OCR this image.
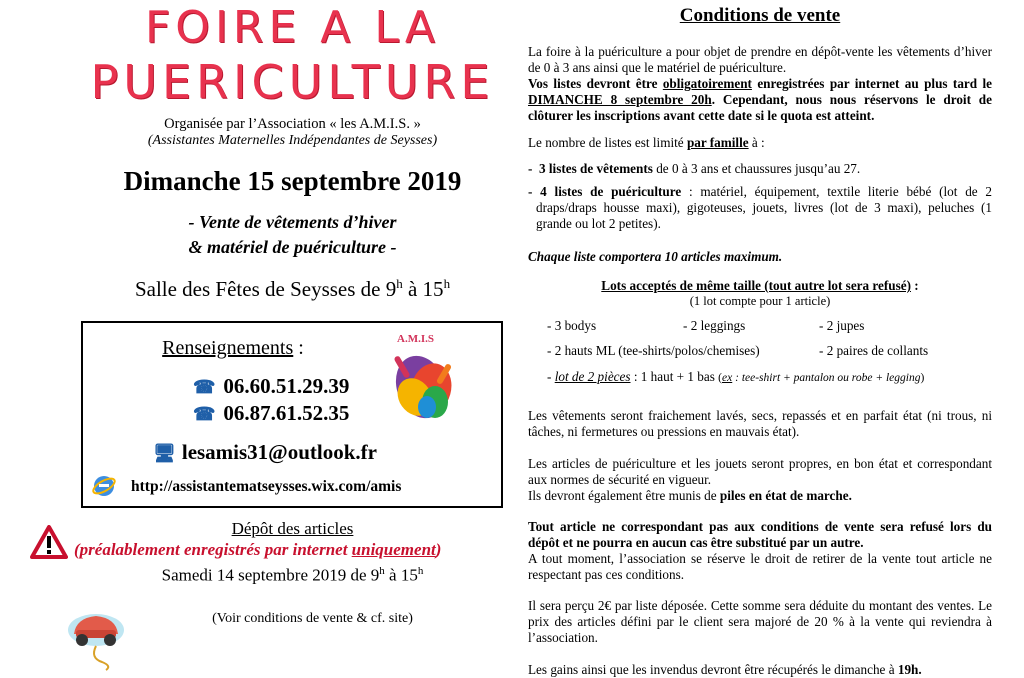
FOIRE A LA
PUERICULTURE
Organisée par l’Association « les A.M.I.S. »
(Assistantes Maternelles Indépendantes de Seysses)
Dimanche 15 septembre 2019
- Vente de vêtements d’hiver
& matériel de puériculture -
Salle des Fêtes de Seysses de 9$^h$ à 15$^h$
Renseignements :
☎ 06.60.51.29.39
☎ 06.87.61.52.35
🖥 lesamis31@outlook.fr
http://assistantematseysses.wix.com/amis
A.M.I.S
Dépôt des articles
(préalablement enregistrés par internet uniquement)
Samedi 14 septembre 2019 de 9$^h$ à 15$^h$
(Voir conditions de vente & cf. site)
Conditions de vente

La foire à la puériculture a pour objet de prendre en dépôt-vente les vêtements d’hiver de 0 à 3 ans ainsi que le matériel de puériculture.

Vos listes devront être obligatoirement enregistrées par internet au plus tard le DIMANCHE 8 septembre 20h. Cependant, nous nous réservons le droit de clôturer les inscriptions avant cette date si le quota est atteint.

Le nombre de listes est limité par famille à :

-  3 listes de vêtements de 0 à 3 ans et chaussures jusqu’au 27.

- 4 listes de puériculture : matériel, équipement, textile literie bébé (lot de 2 draps/draps housse maxi), gigoteuses, jouets, livres (lot de 3 maxi), peluches (1 grande ou lot 2 petites).

Chaque liste comportera 10 articles maximum.

Lots acceptés de même taille (tout autre lot sera refusé) :
(1 lot compte pour 1 article)
- 3 bodys	- 2 leggings	- 2 jupes
- 2 hauts ML (tee-shirts/polos/chemises)	- 2 paires de collants
- lot de 2 pièces : 1 haut + 1 bas (ex : tee-shirt + pantalon ou robe + legging)

Les vêtements seront fraichement lavés, secs, repassés et en parfait état (ni trous, ni tâches, ni fermetures ou pressions en mauvais état).

Les articles de puériculture et les jouets seront propres, en bon état et correspondant aux normes de sécurité en vigueur.

Ils devront également être munis de piles en état de marche.

Tout article ne correspondant pas aux conditions de vente sera refusé lors du dépôt et ne pourra en aucun cas être substitué par un autre.

A tout moment, l’association se réserve le droit de retirer de la vente tout article ne respectant pas ces conditions.

Il sera perçu 2€ par liste déposée. Cette somme sera déduite du montant des ventes. Le prix des articles défini par le client sera majoré de 20 % à la vente qui reviendra à l’association.

Les gains ainsi que les invendus devront être récupérés le dimanche à 19h.
